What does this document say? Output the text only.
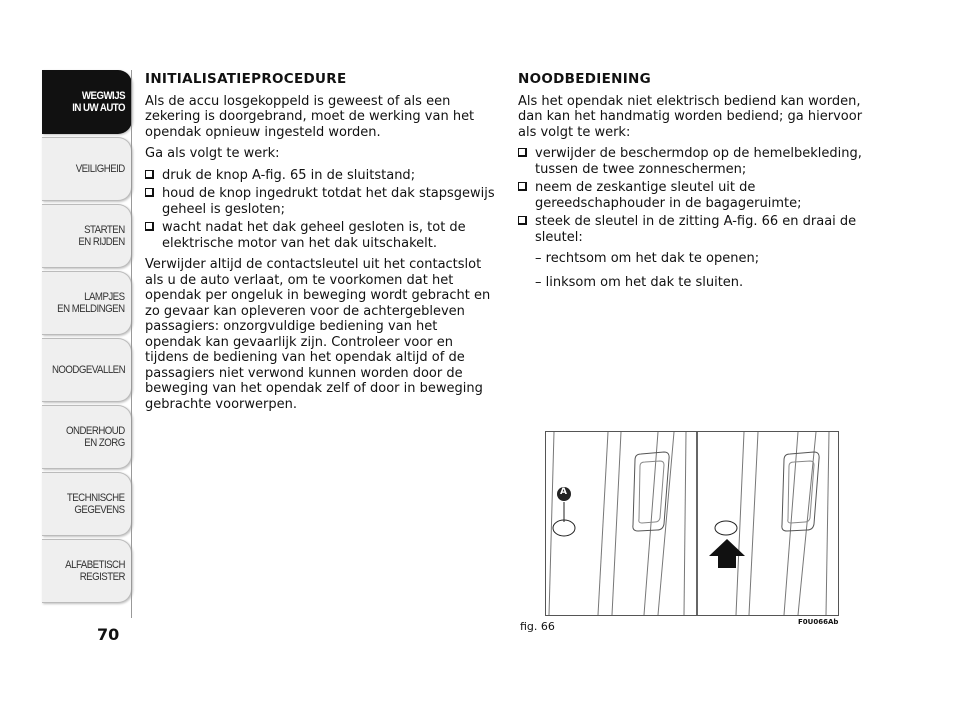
WEGWIJS
IN UW AUTO
VEILIGHEID
STARTEN
EN RIJDEN
LAMPJES
EN MELDINGEN
NOODGEVALLEN
ONDERHOUD
EN ZORG
TECHNISCHE
GEGEVENS
ALFABETISCH
REGISTER
70
INITIALISATIEPROCEDURE

Als de accu losgekoppeld is geweest of als een zekering is doorgebrand, moet de werking van het opendak opnieuw ingesteld worden.

Ga als volgt te werk:

druk de knop A-fig. 65 in de sluitstand;
houd de knop ingedrukt totdat het dak stapsgewijs geheel is gesloten;
wacht nadat het dak geheel gesloten is, tot de elektrische motor van het dak uitschakelt.

Verwijder altijd de contactsleutel uit het contactslot als u de auto verlaat, om te voorkomen dat het opendak per ongeluk in beweging wordt gebracht en zo gevaar kan opleveren voor de achtergebleven passagiers: onzorgvuldige bediening van het opendak kan gevaarlijk zijn. Controleer voor en tijdens de bediening van het opendak altijd of de passagiers niet verwond kunnen worden door de beweging van het opendak zelf of door in beweging gebrachte voorwerpen.

NOODBEDIENING

Als het opendak niet elektrisch bediend kan worden, dan kan het handmatig worden bediend; ga hiervoor als volgt te werk:

verwijder de beschermdop op de hemelbekleding, tussen de twee zonneschermen;
neem de zeskantige sleutel uit de gereedschaphouder in de bagageruimte;
steek de sleutel in de zitting A-fig. 66 en draai de sleutel:

– rechtsom om het dak te openen;

– linksom om het dak te sluiten.

A
fig. 66	F0U066Ab
